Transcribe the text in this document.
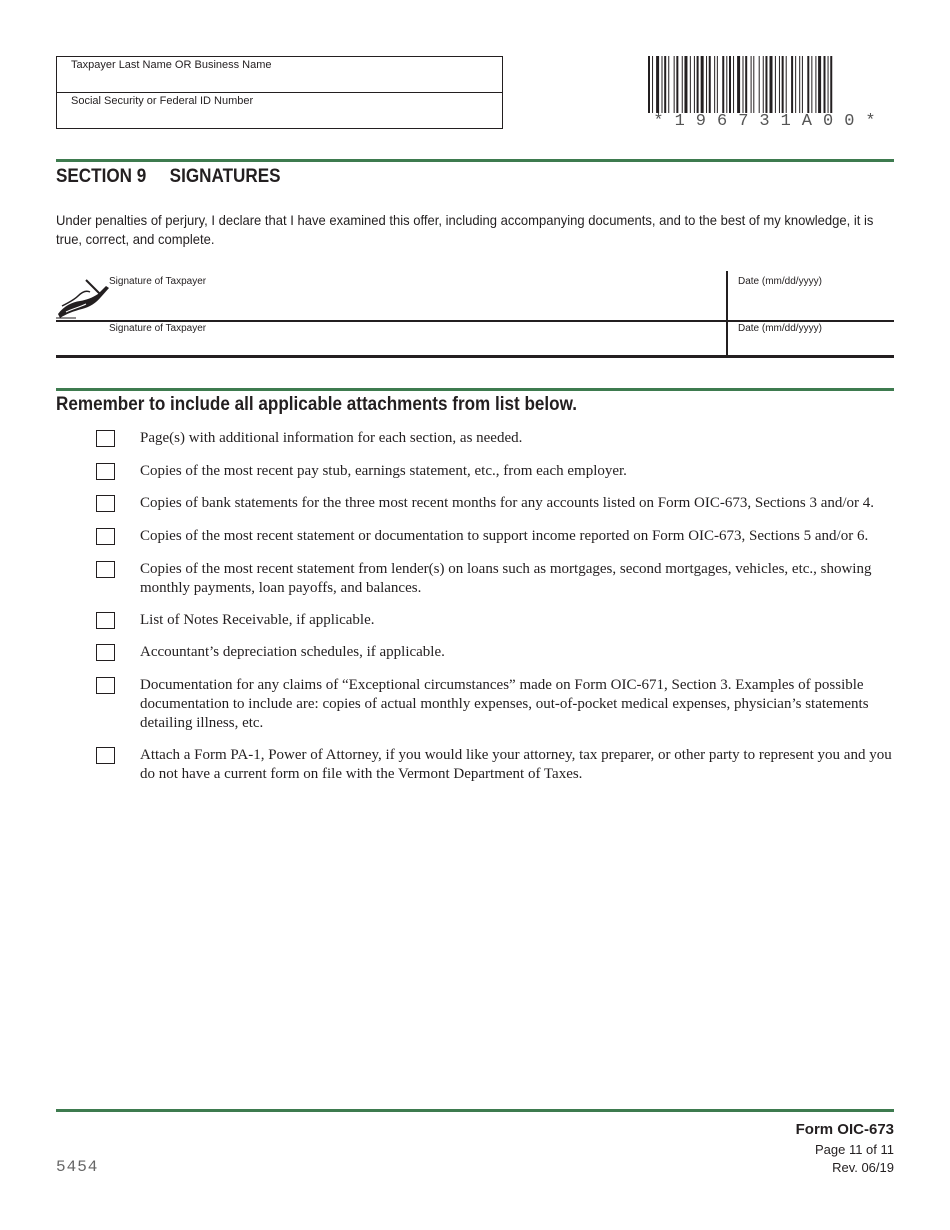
Taxpayer Last Name OR Business Name
Social Security or Federal ID Number
*196731A00*
SECTION 9 SIGNATURES
Under penalties of perjury, I declare that I have examined this offer, including accompanying documents, and to the best of my knowledge, it is true, correct, and complete.
Signature of Taxpayer	Date (mm/dd/yyyy)
Signature of Taxpayer	Date (mm/dd/yyyy)
Remember to include all applicable attachments from list below.
Page(s) with additional information for each section, as needed.
Copies of the most recent pay stub, earnings statement, etc., from each employer.
Copies of bank statements for the three most recent months for any accounts listed on Form OIC-673, Sections 3 and/or 4.
Copies of the most recent statement or documentation to support income reported on Form OIC-673, Sections 5 and/or 6.
Copies of the most recent statement from lender(s) on loans such as mortgages, second mortgages, vehicles, etc., showing monthly payments, loan payoffs, and balances.
List of Notes Receivable, if applicable.
Accountant’s depreciation schedules, if applicable.
Documentation for any claims of “Exceptional circumstances” made on Form OIC-671, Section 3. Examples of possible documentation to include are: copies of actual monthly expenses, out-of-pocket medical expenses, physician’s statements detailing illness, etc.
Attach a Form PA-1, Power of Attorney, if you would like your attorney, tax preparer, or other party to represent you and you do not have a current form on file with the Vermont Department of Taxes.
Form OIC-673
Page 11 of 11
Rev. 06/19
5454
